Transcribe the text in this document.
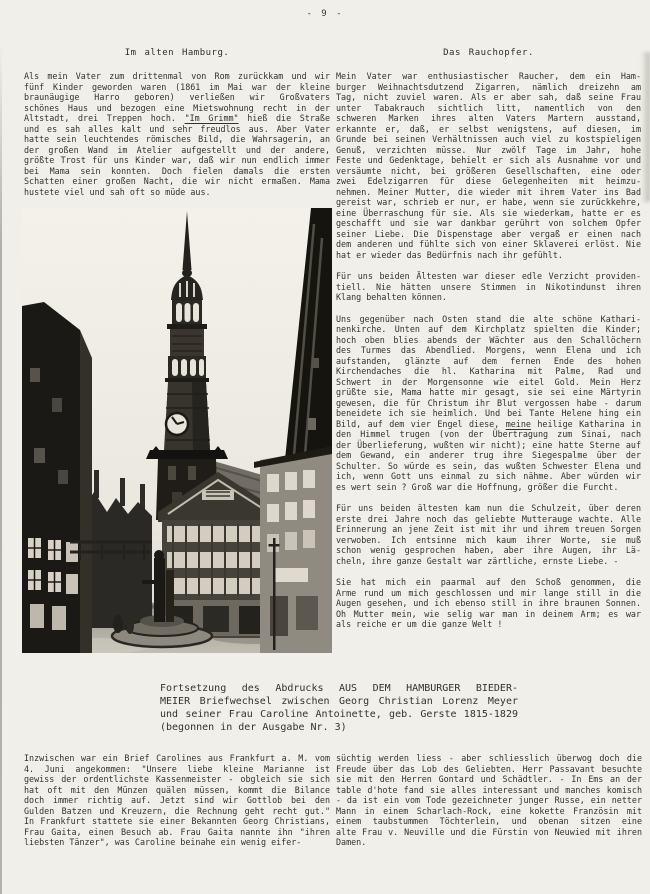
- 9 -
Im alten Hamburg.
Als mein Vater zum drittenmal von Rom zurückkam und wir
fünf Kinder geworden waren (1861 im Mai war der kleine
braunäugige Harro geboren) verließen wir Großvaters
schönes Haus und bezogen eine Mietswohnung recht in der
Altstadt, drei Treppen hoch. "Im Grimm" hieß die Straße
und es sah alles kalt und sehr freudlos aus. Aber Vater
hatte sein leuchtendes römisches Bild, die Wahrsagerin, an
der großen Wand im Atelier aufgestellt und der andere,
größte Trost für uns Kinder war, daß wir nun endlich immer
bei Mama sein konnten. Doch fielen damals die ersten
Schatten einer großen Nacht, die wir nicht ermaßen. Mama
hustete viel und sah oft so müde aus.
Das Rauchopfer.
Mein Vater war enthusiastischer Raucher, dem ein Ham-
burger Weihnachtsdutzend Zigarren, nämlich dreizehn am
Tag, nicht zuviel waren. Als er aber sah, daß seine Frau
unter Tabakrauch sichtlich litt, namentlich von den
schweren Marken ihres alten Vaters Martern ausstand,
erkannte er, daß, er selbst wenigstens, auf diesen, im
Grunde bei seinen Verhältnissen auch viel zu kostspieligen
Genuß, verzichten müsse. Nur zwölf Tage im Jahr, hohe
Feste und Gedenktage, behielt er sich als Ausnahme vor und
versäumte nicht, bei größeren Gesellschaften, eine oder
zwei Edelzigarren für diese Gelegenheiten mit heimzu-
nehmen. Meiner Mutter, die wieder mit ihrem Vater ins Bad
gereist war, schrieb er nur, er habe, wenn sie zurückkehre,
eine Überraschung für sie. Als sie wiederkam, hatte er es
geschafft und sie war dankbar gerührt von solchem Opfer
seiner Liebe. Die Dispenstage aber vergaß er einen nach
dem anderen und fühlte sich von einer Sklaverei erlöst. Nie
hat er wieder das Bedürfnis nach ihr gefühlt.
Für uns beiden Ältesten war dieser edle Verzicht providen-
tiell. Nie hätten unsere Stimmen in Nikotindunst ihren
Klang behalten können.
Uns gegenüber nach Osten stand die alte schöne Kathari-
nenkirche. Unten auf dem Kirchplatz spielten die Kinder;
hoch oben blies abends der Wächter aus den Schallöchern
des Turmes das Abendlied. Morgens, wenn Elena und ich
aufstanden, glänzte auf dem fernen Ende des hohen
Kirchendaches die hl. Katharina mit Palme, Rad und
Schwert in der Morgensonne wie eitel Gold. Mein Herz
grüßte sie, Mama hatte mir gesagt, sie sei eine Märtyrin
gewesen, die für Christum ihr Blut vergossen habe - darum
beneidete ich sie heimlich. Und bei Tante Helene hing ein
Bild, auf dem vier Engel diese, meine heilige Katharina in
den Himmel trugen (von der Übertragung zum Sinai, nach
der Überlieferung, wußten wir nicht); eine hatte Sterne auf
dem Gewand, ein anderer trug ihre Siegespalme über der
Schulter. So würde es sein, das wußten Schwester Elena und
ich, wenn Gott uns einmal zu sich nähme. Aber würden wir
es wert sein ? Groß war die Hoffnung, größer die Furcht.
Für uns beiden ältesten kam nun die Schulzeit, über deren
erste drei Jahre noch das geliebte Mutterauge wachte. Alle
Erinnerung an jene Zeit ist mit ihr und ihrem treuen Sorgen
verwoben. Ich entsinne mich kaum ihrer Worte, sie muß
schon wenig gesprochen haben, aber ihre Augen, ihr Lä-
cheln, ihre ganze Gestalt war zärtliche, ernste Liebe. -
Sie hat mich ein paarmal auf den Schoß genommen, die
Arme rund um mich geschlossen und mir lange still in die
Augen gesehen, und ich ebenso still in ihre braunen Sonnen.
Oh Mutter mein, wie selig war man in deinem Arm; es war
als reiche er um die ganze Welt !
Fortsetzung des Abdrucks AUS DEM HAMBURGER BIEDER-
MEIER Briefwechsel zwischen Georg Christian Lorenz Meyer
und seiner Frau Caroline Antoinette, geb. Gerste 1815-1829
(begonnen in der Ausgabe Nr. 3)
Inzwischen war ein Brief Carolines aus Frankfurt a. M. vom
4. Juni angekommen: "Unsere liebe kleine Marianne ist
gewiss der ordentlichste Kassenmeister - obgleich sie sich
hat oft mit den Münzen quälen müssen, kommt die Bilance
doch immer richtig auf. Jetzt sind wir Gottlob bei den
Gulden Batzen und Kreuzern, die Rechnung geht recht gut."
In Frankfurt stattete sie einer Bekannten Georg Christians,
Frau Gaita, einen Besuch ab. Frau Gaita nannte ihn "ihren
liebsten Tänzer", was Caroline beinahe ein wenig eifer-
süchtig werden liess - aber schliesslich überwog doch die
Freude über das Lob des Geliebten. Herr Passavant besuchte
sie mit den Herren Gontard und Schädtler. - In Ems an der
table d'hote fand sie alles interessant und manches komisch
- da ist ein vom Tode gezeichneter junger Russe, ein netter
Mann in einem Scharlach-Rock, eine kokette Französin mit
einem taubstummen Töchterlein, und obenan sitzen eine
alte Frau v. Neuville und die Fürstin von Neuwied mit ihren
Damen.
